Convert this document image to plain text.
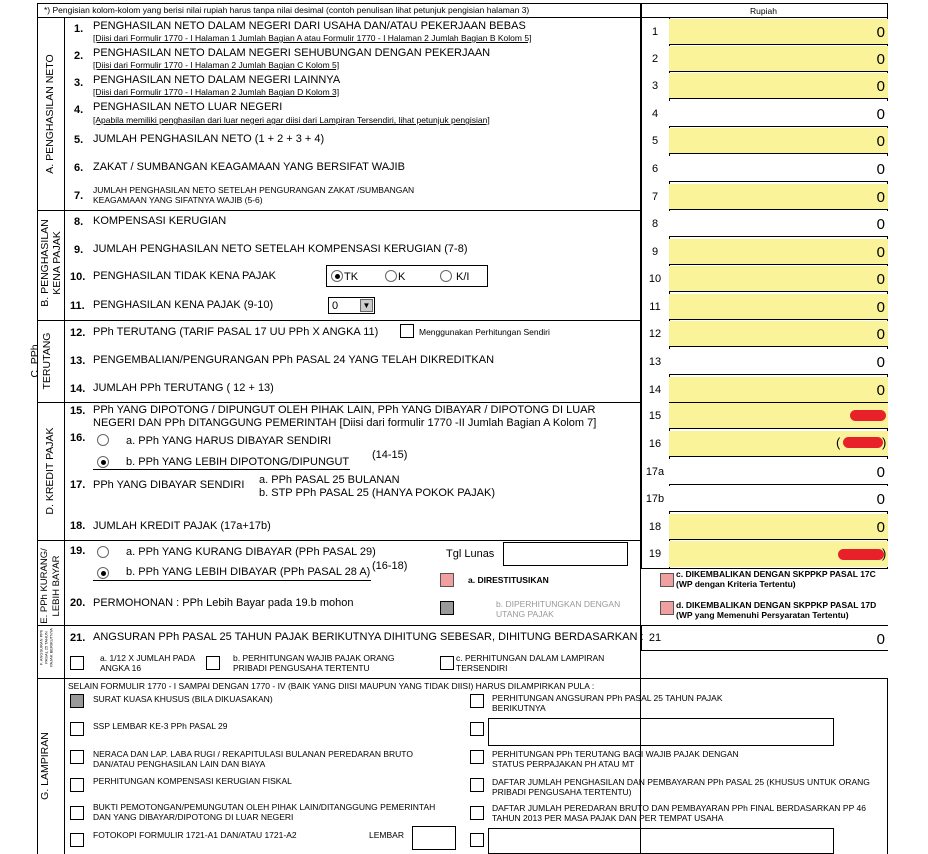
*) Pengisian kolom-kolom yang berisi nilai rupiah harus tanpa nilai desimal (contoh penulisan lihat petunjuk pengisian halaman 3)	Rupiah
A. PENGHASILAN NETO
B. PENGHASILAN KENA PAJAK
C. PPh TERUTANG
D. KREDIT PAJAK
E. PPh KURANG/ LEBIH BAYAR
F. ANGSURAN PPh PASAL 25 TAHUN PAJAK BERIKUTNYA
G. LAMPIRAN
1. PENGHASILAN NETO DALAM NEGERI DARI USAHA DAN/ATAU PEKERJAAN BEBAS
[Diisi dari Formulir 1770 - I Halaman 1 Jumlah Bagian A atau Formulir 1770 - I Halaman 2 Jumlah Bagian B Kolom 5]
2. PENGHASILAN NETO DALAM NEGERI SEHUBUNGAN DENGAN PEKERJAAN
[Diisi dari Formulir 1770 - I Halaman 2 Jumlah Bagian C Kolom 5]
3. PENGHASILAN NETO DALAM NEGERI LAINNYA
[Diisi dari Formulir 1770 - I Halaman 2 Jumlah Bagian D Kolom 3]
4. PENGHASILAN NETO LUAR NEGERI
[Apabila memiliki penghasilan dari luar negeri agar diisi dari Lampiran Tersendiri, lihat petunjuk pengisian]
5. JUMLAH PENGHASILAN NETO (1 + 2 + 3 + 4)
6. ZAKAT / SUMBANGAN KEAGAMAAN YANG BERSIFAT WAJIB
7. JUMLAH PENGHASILAN NETO SETELAH PENGURANGAN ZAKAT /SUMBANGAN
KEAGAMAAN YANG SIFATNYA WAJIB (5-6)
1	0
2	0
3	0
4	0
5	0
6	0
7	0
8. KOMPENSASI KERUGIAN
9. JUMLAH PENGHASILAN NETO SETELAH KOMPENSASI KERUGIAN (7-8)
10. PENGHASILAN TIDAK KENA PAJAK	TK	K	K/I
11. PENGHASILAN KENA PAJAK (9-10)	0	▼
8	0
9	0
10	0
11	0
12. PPh TERUTANG (TARIF PASAL 17 UU PPh X ANGKA 11)	Menggunakan Perhitungan Sendiri
13. PENGEMBALIAN/PENGURANGAN PPh PASAL 24 YANG TELAH DIKREDITKAN
14. JUMLAH PPh TERUTANG ( 12 + 13)
12	0
13	0
14	0
15. PPh YANG DIPOTONG / DIPUNGUT OLEH PIHAK LAIN, PPh YANG DIBAYAR / DIPOTONG DI LUAR
NEGERI DAN PPh DITANGGUNG PEMERINTAH [Diisi dari formulir 1770 -II Jumlah Bagian A Kolom 7]
16.	a. PPh YANG HARUS DIBAYAR SENDIRI
b. PPh YANG LEBIH DIPOTONG/DIPUNGUT
(14-15)
17. PPh YANG DIBAYAR SENDIRI a. PPh PASAL 25 BULANAN
b. STP PPh PASAL 25 (HANYA POKOK PAJAK)
18. JUMLAH KREDIT PAJAK (17a+17b)
15
16	(	)
17a	0
17b	0
18	0
19.	a. PPh YANG KURANG DIBAYAR (PPh PASAL 29)
b. PPh YANG LEBIH DIBAYAR (PPh PASAL 28 A) (16-18)
Tgl Lunas
a. DIRESTITUSIKAN
b. DIPERHITUNGKAN DENGAN UTANG PAJAK
c. DIKEMBALIKAN DENGAN SKPPKP PASAL 17C (WP dengan Kriteria Tertentu)
d. DIKEMBALIKAN DENGAN SKPPKP PASAL 17D (WP yang Memenuhi Persyaratan Tertentu)
20. PERMOHONAN : PPh Lebih Bayar pada 19.b mohon
19	)
21. ANGSURAN PPh PASAL 25 TAHUN PAJAK BERIKUTNYA DIHITUNG SEBESAR, DIHITUNG BERDASARKAN : 21	0
a. 1/12 X JUMLAH PADA ANGKA 16
b. PERHITUNGAN WAJIB PAJAK ORANG PRIBADI PENGUSAHA TERTENTU
c. PERHITUNGAN DALAM LAMPIRAN TERSENDIRI
SELAIN FORMULIR 1770 - I SAMPAI DENGAN 1770 - IV (BAIK YANG DIISI MAUPUN YANG TIDAK DIISI) HARUS DILAMPIRKAN PULA :
SURAT KUASA KHUSUS (BILA DIKUASAKAN)
SSP LEMBAR KE-3 PPh PASAL 29
NERACA DAN LAP. LABA RUGI / REKAPITULASI BULANAN PEREDARAN BRUTO DAN/ATAU PENGHASILAN LAIN DAN BIAYA
PERHITUNGAN KOMPENSASI KERUGIAN FISKAL
BUKTI PEMOTONGAN/PEMUNGUTAN OLEH PIHAK LAIN/DITANGGUNG PEMERINTAH DAN YANG DIBAYAR/DIPOTONG DI LUAR NEGERI
FOTOKOPI FORMULIR 1721-A1 DAN/ATAU 1721-A2	LEMBAR
PERHITUNGAN ANGSURAN PPh PASAL 25 TAHUN PAJAK BERIKUTNYA
PERHITUNGAN PPh TERUTANG BAGI WAJIB PAJAK DENGAN STATUS PERPAJAKAN PH ATAU MT
DAFTAR JUMLAH PENGHASILAN DAN PEMBAYARAN PPh PASAL 25 (KHUSUS UNTUK ORANG PRIBADI PENGUSAHA TERTENTU)
DAFTAR JUMLAH PEREDARAN BRUTO DAN PEMBAYARAN PPh FINAL BERDASARKAN PP 46 TAHUN 2013 PER MASA PAJAK DAN PER TEMPAT USAHA
